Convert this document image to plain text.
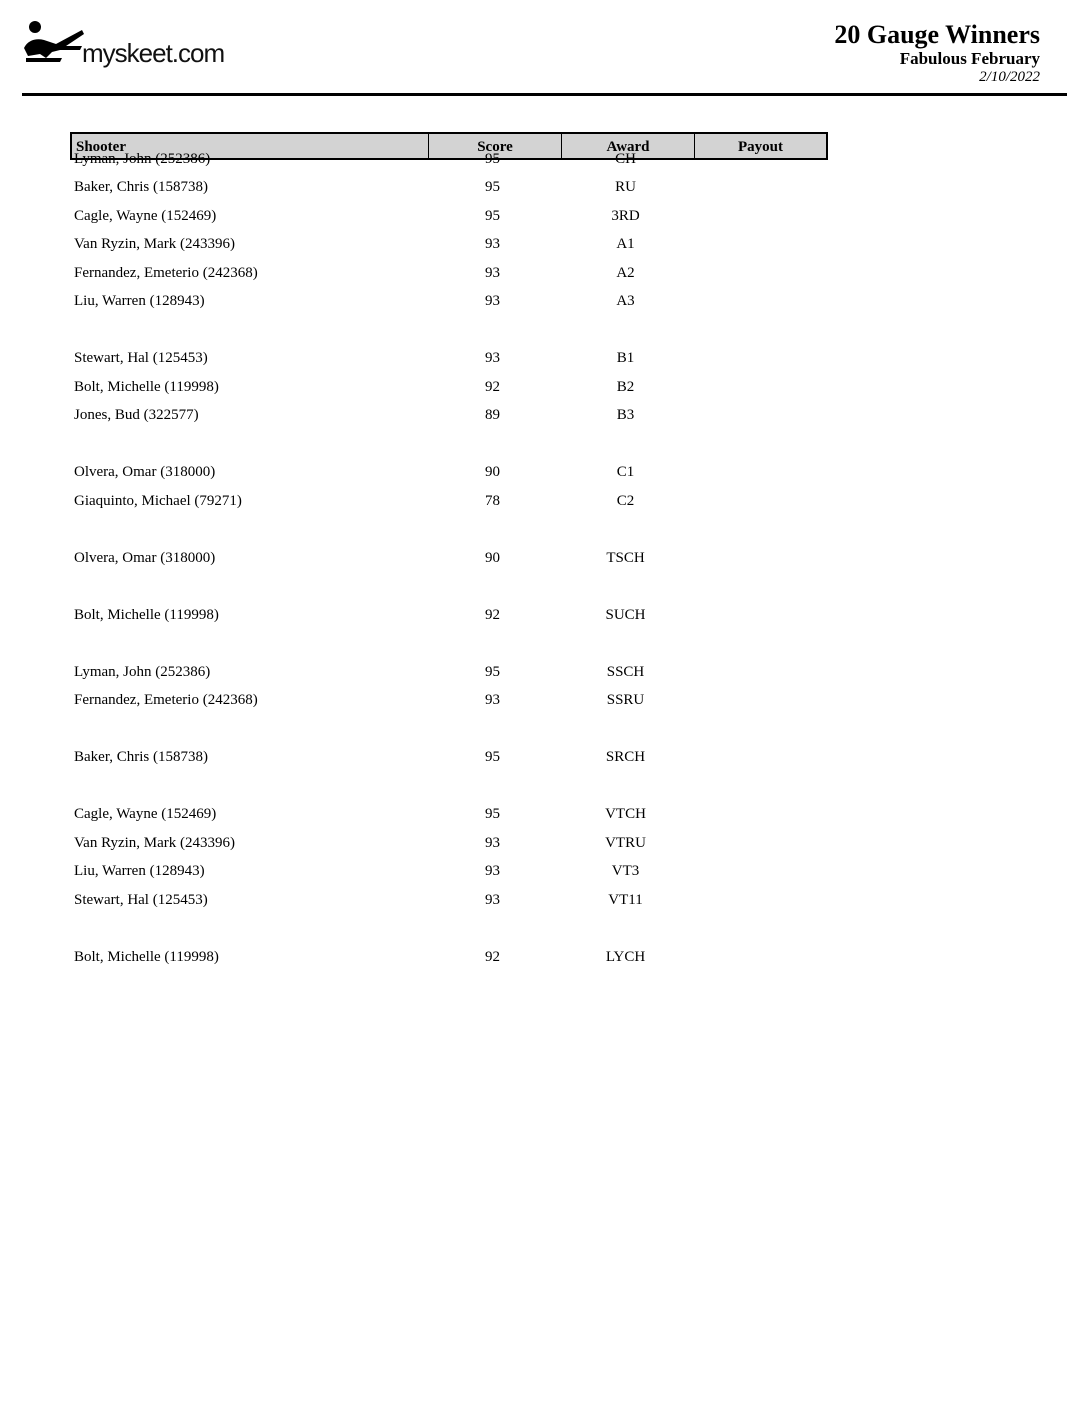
myskeet.com
20 Gauge Winners
Fabulous February
2/10/2022
Shooter	Score	Award	Payout
Lyman, John (252386)	95	CH
Baker, Chris (158738)	95	RU
Cagle, Wayne (152469)	95	3RD
Van Ryzin, Mark (243396)	93	A1
Fernandez, Emeterio (242368)	93	A2
Liu, Warren (128943)	93	A3
Stewart, Hal (125453)	93	B1
Bolt, Michelle (119998)	92	B2
Jones, Bud (322577)	89	B3
Olvera, Omar (318000)	90	C1
Giaquinto, Michael (79271)	78	C2
Olvera, Omar (318000)	90	TSCH
Bolt, Michelle (119998)	92	SUCH
Lyman, John (252386)	95	SSCH
Fernandez, Emeterio (242368)	93	SSRU
Baker, Chris (158738)	95	SRCH
Cagle, Wayne (152469)	95	VTCH
Van Ryzin, Mark (243396)	93	VTRU
Liu, Warren (128943)	93	VT3
Stewart, Hal (125453)	93	VT11
Bolt, Michelle (119998)	92	LYCH
